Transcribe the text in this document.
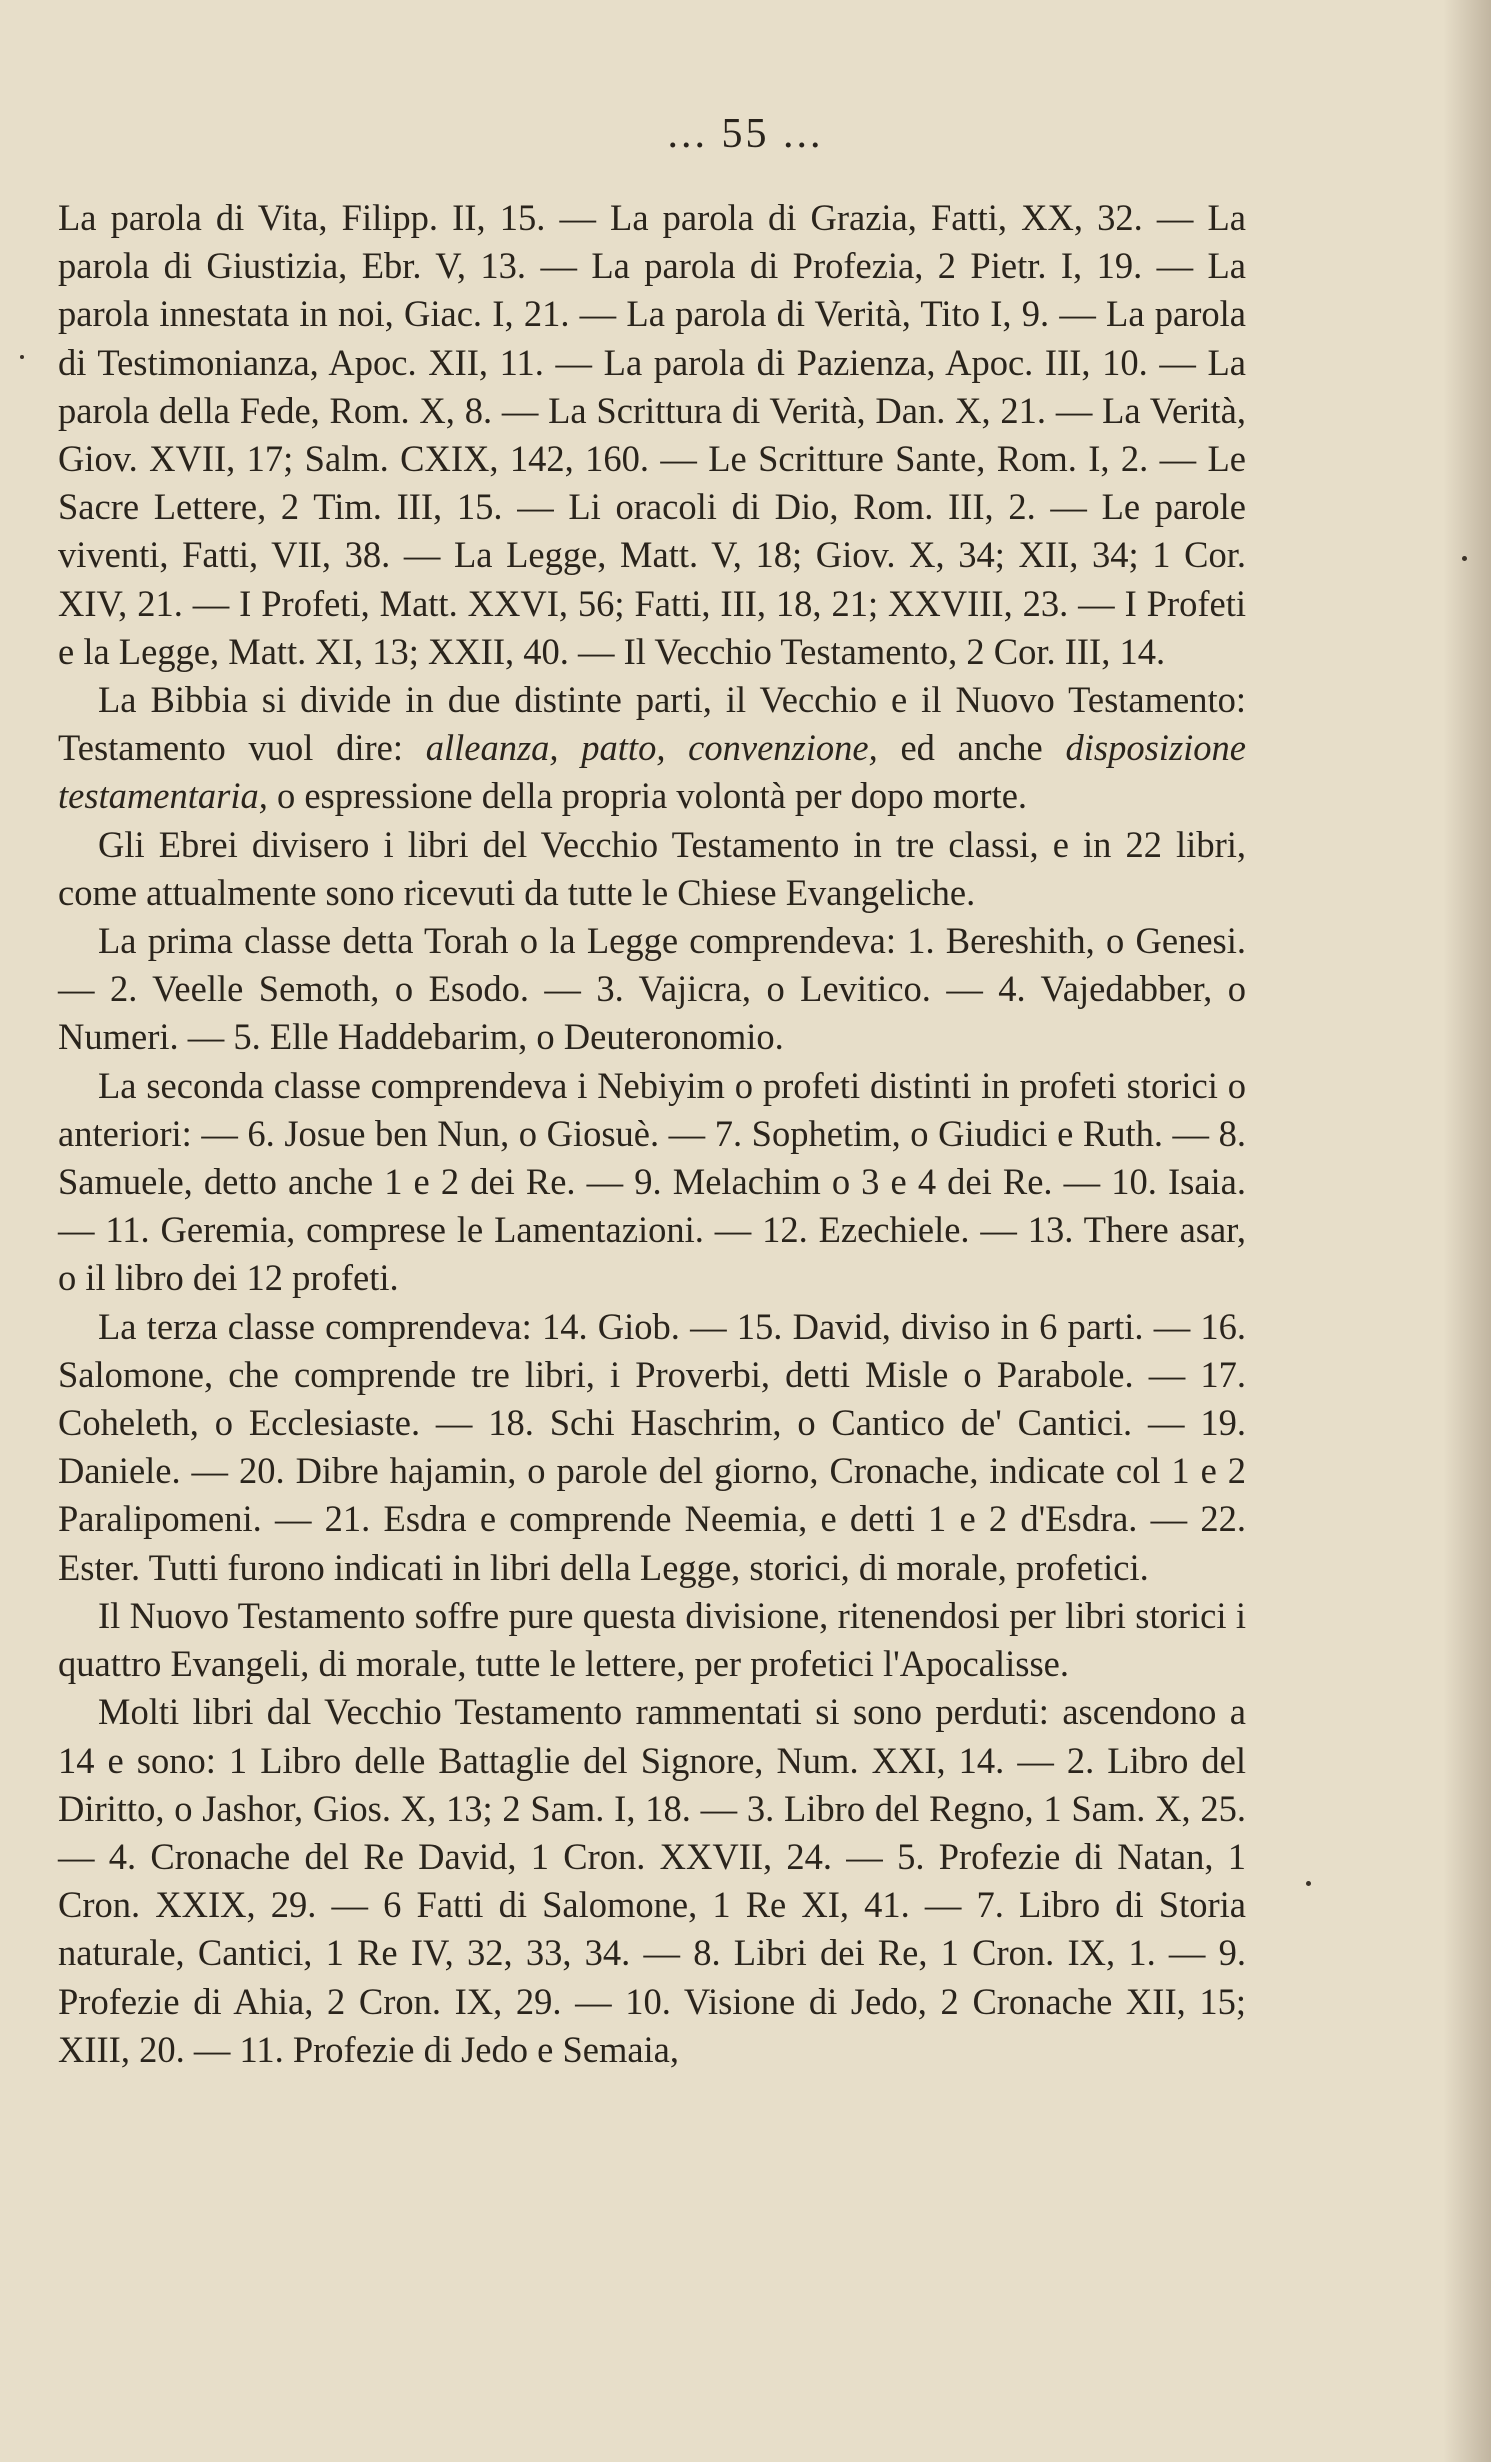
... 55 ...

La parola di Vita, Filipp. II, 15. — La parola di Grazia, Fatti, XX, 32. — La parola di Giustizia, Ebr. V, 13. — La parola di Profezia, 2 Pietr. I, 19. — La parola innestata in noi, Giac. I, 21. — La parola di Verità, Tito I, 9. — La parola di Testimonianza, Apoc. XII, 11. — La parola di Pazienza, Apoc. III, 10. — La parola della Fede, Rom. X, 8. — La Scrittura di Verità, Dan. X, 21. — La Verità, Giov. XVII, 17; Salm. CXIX, 142, 160. — Le Scritture Sante, Rom. I, 2. — Le Sacre Lettere, 2 Tim. III, 15. — Li oracoli di Dio, Rom. III, 2. — Le parole viventi, Fatti, VII, 38. — La Legge, Matt. V, 18; Giov. X, 34; XII, 34; 1 Cor. XIV, 21. — I Profeti, Matt. XXVI, 56; Fatti, III, 18, 21; XXVIII, 23. — I Profeti e la Legge, Matt. XI, 13; XXII, 40. — Il Vecchio Testamento, 2 Cor. III, 14.

La Bibbia si divide in due distinte parti, il Vecchio e il Nuovo Testamento: Testamento vuol dire: alleanza, patto, convenzione, ed anche disposizione testamentaria, o espressione della propria volontà per dopo morte.

Gli Ebrei divisero i libri del Vecchio Testamento in tre classi, e in 22 libri, come attualmente sono ricevuti da tutte le Chiese Evangeliche.

La prima classe detta Torah o la Legge comprendeva: 1. Bereshith, o Genesi. — 2. Veelle Semoth, o Esodo. — 3. Vajicra, o Levitico. — 4. Vajedabber, o Numeri. — 5. Elle Haddebarim, o Deuteronomio.

La seconda classe comprendeva i Nebiyim o profeti distinti in profeti storici o anteriori: — 6. Josue ben Nun, o Giosuè. — 7. Sophetim, o Giudici e Ruth. — 8. Samuele, detto anche 1 e 2 dei Re. — 9. Melachim o 3 e 4 dei Re. — 10. Isaia. — 11. Geremia, comprese le Lamentazioni. — 12. Ezechiele. — 13. There asar, o il libro dei 12 profeti.

La terza classe comprendeva: 14. Giob. — 15. David, diviso in 6 parti. — 16. Salomone, che comprende tre libri, i Proverbi, detti Misle o Parabole. — 17. Coheleth, o Ecclesiaste. — 18. Schi Haschrim, o Cantico de' Cantici. — 19. Daniele. — 20. Dibre hajamin, o parole del giorno, Cronache, indicate col 1 e 2 Paralipomeni. — 21. Esdra e comprende Neemia, e detti 1 e 2 d'Esdra. — 22. Ester. Tutti furono indicati in libri della Legge, storici, di morale, profetici.

Il Nuovo Testamento soffre pure questa divisione, ritenendosi per libri storici i quattro Evangeli, di morale, tutte le lettere, per profetici l'Apocalisse.

Molti libri dal Vecchio Testamento rammentati si sono perduti: ascendono a 14 e sono: 1 Libro delle Battaglie del Signore, Num. XXI, 14. — 2. Libro del Diritto, o Jashor, Gios. X, 13; 2 Sam. I, 18. — 3. Libro del Regno, 1 Sam. X, 25. — 4. Cronache del Re David, 1 Cron. XXVII, 24. — 5. Profezie di Natan, 1 Cron. XXIX, 29. — 6 Fatti di Salomone, 1 Re XI, 41. — 7. Libro di Storia naturale, Cantici, 1 Re IV, 32, 33, 34. — 8. Libri dei Re, 1 Cron. IX, 1. — 9. Profezie di Ahia, 2 Cron. IX, 29. — 10. Visione di Jedo, 2 Cronache XII, 15; XIII, 20. — 11. Profezie di Jedo e Semaia,
